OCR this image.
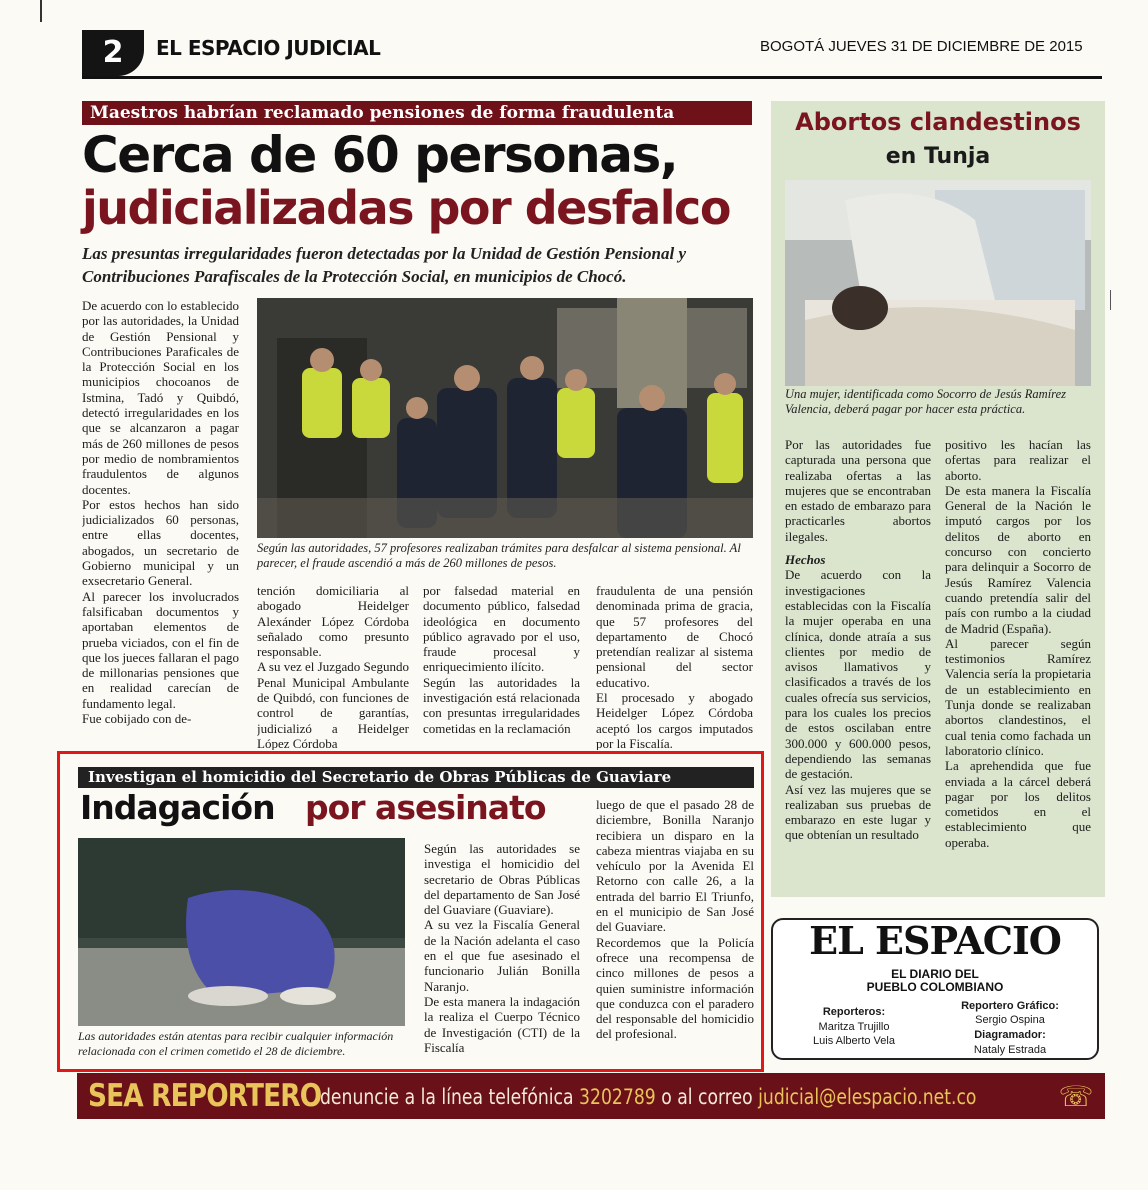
2	EL ESPACIO JUDICIAL	BOGOTÁ JUEVES 31 DE DICIEMBRE DE 2015
Maestros habrían reclamado pensiones de forma fraudulenta
Cerca de 60 personas,
judicializadas por desfalco
Las presuntas irregularidades fueron detectadas por la Unidad de Gestión Pensional y Contribuciones Parafiscales de la Protección Social, en municipios de Chocó.

De acuerdo con lo establecido por las autoridades, la Unidad de Gestión Pensional y Contribuciones Paraficales de la Protección Social en los municipios chocoanos de Istmina, Tadó y Quibdó, detectó irregularidades en los que se alcanzaron a pagar más de 260 millones de pesos por medio de nombramientos fraudulentos de algunos docentes.

Por estos hechos han sido judicializados 60 personas, entre ellas docentes, abogados, un secretario de Gobierno municipal y un exsecretario General.

Al parecer los involucrados falsificaban documentos y aportaban elementos de prueba viciados, con el fin de que los jueces fallaran el pago de millonarias pensiones que en realidad carecían de fundamento legal.

Fue cobijado con de-

Según las autoridades, 57 profesores realizaban trámites para desfalcar al sistema pensional. Al parecer, el fraude ascendió a más de 260 millones de pesos.

tención domiciliaria al abogado Heidelger Alexánder López Córdoba señalado como presunto responsable.

A su vez el Juzgado Segundo Penal Municipal Ambulante de Quibdó, con funciones de control de garantías, judicializó a Heidelger López Córdoba

por falsedad material en documento público, falsedad ideológica en documento público agravado por el uso, fraude procesal y enriquecimiento ilícito.

Según las autoridades la investigación está relacionada con presuntas irregularidades cometidas en la reclamación

fraudulenta de una pensión denominada prima de gracia, que 57 profesores del departamento de Chocó pretendían realizar al sistema pensional del sector educativo.

El procesado y abogado Heidelger López Córdoba aceptó los cargos imputados por la Fiscalía.

Abortos clandestinos
en Tunja
Una mujer, identificada como Socorro de Jesús Ramírez Valencia, deberá pagar por hacer esta práctica.

Por las autoridades fue capturada una persona que realizaba ofertas a las mujeres que se encontraban en estado de embarazo para practicarles abortos ilegales.

Hechos

De acuerdo con la investigaciones establecidas con la Fiscalía la mujer operaba en una clínica, donde atraía a sus clientes por medio de avisos llamativos y clasificados a través de los cuales ofrecía sus servicios, para los cuales los precios de estos oscilaban entre 300.000 y 600.000 pesos, dependiendo las semanas de gestación.

Así vez las mujeres que se realizaban sus pruebas de embarazo en este lugar y que obtenían un resultado

positivo les hacían las ofertas para realizar el aborto.

De esta manera la Fiscalía General de la Nación le imputó cargos por los delitos de aborto en concurso con concierto para delinquir a Socorro de Jesús Ramírez Valencia cuando pretendía salir del país con rumbo a la ciudad de Madrid (España).

Al parecer según testimonios Ramírez Valencia sería la propietaria de un establecimiento en Tunja donde se realizaban abortos clandestinos, el cual tenia como fachada un laboratorio clínico.

La aprehendida que fue enviada a la cárcel deberá pagar por los delitos cometidos en el establecimiento que operaba.

EL ESPACIO
EL DIARIO DEL
PUEBLO COLOMBIANO
Reporteros:
Maritza Trujillo
Luis Alberto Vela
Reportero Gráfico:
Sergio Ospina
Diagramador:
Nataly Estrada
Investigan el homicidio del Secretario de Obras Públicas de Guaviare
Indagación por asesinato
Las autoridades están atentas para recibir cualquier información relacionada con el crimen cometido el 28 de diciembre.

Según las autoridades se investiga el homicidio del secretario de Obras Públicas del departamento de San José del Guaviare (Guaviare).

A su vez la Fiscalía General de la Nación adelanta el caso en el que fue asesinado el funcionario Julián Bonilla Naranjo.

De esta manera la indagación la realiza el Cuerpo Técnico de Investigación (CTI) de la Fiscalía

luego de que el pasado 28 de diciembre, Bonilla Naranjo recibiera un disparo en la cabeza mientras viajaba en su vehículo por la Avenida El Retorno con calle 26, a la entrada del barrio El Triunfo, en el municipio de San José del Guaviare.

Recordemos que la Policía ofrece una recompensa de cinco millones de pesos a quien suministre información que conduzca con el paradero del responsable del homicidio del profesional.

SEA REPORTERO
denuncie a la línea telefónica 3202789 o al correo judicial@elespacio.net.co	☏
